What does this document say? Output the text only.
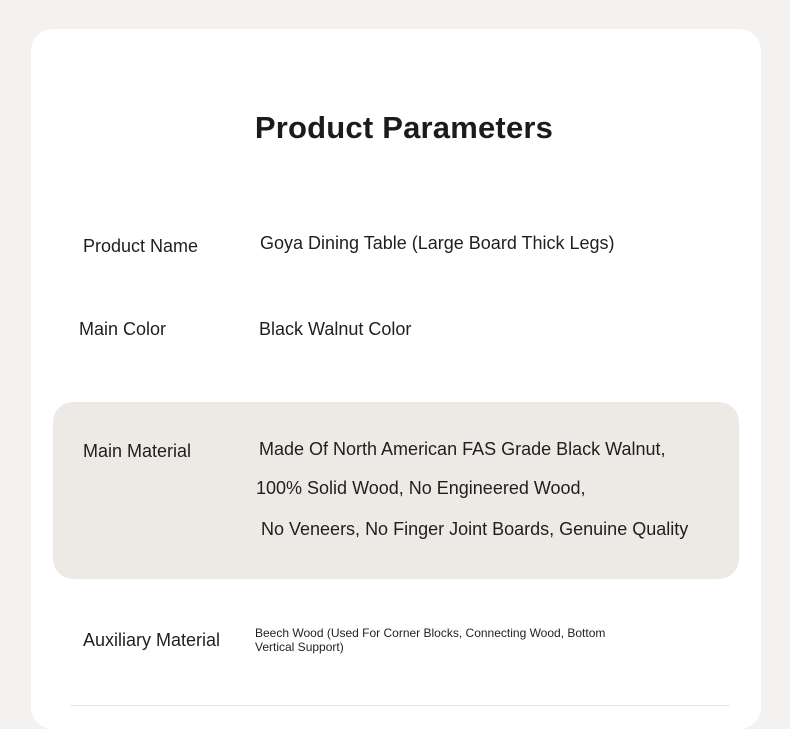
Product Parameters
Product Name	Goya Dining Table (Large Board Thick Legs)
Main Color	Black Walnut Color
Main Material	Made Of North American FAS Grade Black Walnut,
100% Solid Wood, No Engineered Wood,
No Veneers, No Finger Joint Boards, Genuine Quality
Auxiliary Material	Beech Wood (Used For Corner Blocks, Connecting Wood, Bottom Vertical Support)
